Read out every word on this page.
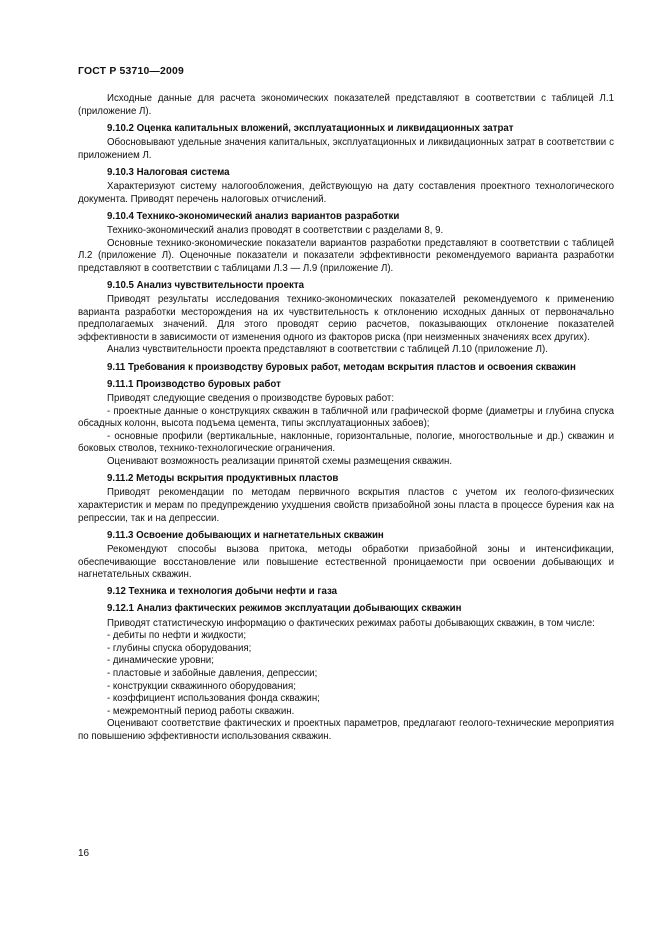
ГОСТ Р 53710—2009

Исходные данные для расчета экономических показателей представляют в соответствии с таблицей Л.1 (приложение Л).

9.10.2 Оценка капитальных вложений, эксплуатационных и ликвидационных затрат

Обосновывают удельные значения капитальных, эксплуатационных и ликвидационных затрат в соответствии с приложением Л.

9.10.3 Налоговая система

Характеризуют систему налогообложения, действующую на дату составления проектного технологического документа. Приводят перечень налоговых отчислений.

9.10.4 Технико-экономический анализ вариантов разработки

Технико-экономический анализ проводят в соответствии с разделами 8, 9.

Основные технико-экономические показатели вариантов разработки представляют в соответствии с таблицей Л.2 (приложение Л). Оценочные показатели и показатели эффективности рекомендуемого варианта разработки представляют в соответствии с таблицами Л.3 — Л.9 (приложение Л).

9.10.5 Анализ чувствительности проекта

Приводят результаты исследования технико-экономических показателей рекомендуемого к применению варианта разработки месторождения на их чувствительность к отклонению исходных данных от первоначально предполагаемых значений. Для этого проводят серию расчетов, показывающих отклонение показателей эффективности в зависимости от изменения одного из факторов риска (при неизменных значениях всех других).

Анализ чувствительности проекта представляют в соответствии с таблицей Л.10 (приложение Л).

9.11 Требования к производству буровых работ, методам вскрытия пластов и освоения скважин

9.11.1 Производство буровых работ

Приводят следующие сведения о производстве буровых работ:

- проектные данные о конструкциях скважин в табличной или графической форме (диаметры и глубина спуска обсадных колонн, высота подъема цемента, типы эксплуатационных забоев);

- основные профили (вертикальные, наклонные, горизонтальные, пологие, многоствольные и др.) скважин и боковых стволов, технико-технологические ограничения.

Оценивают возможность реализации принятой схемы размещения скважин.

9.11.2 Методы вскрытия продуктивных пластов

Приводят рекомендации по методам первичного вскрытия пластов с учетом их геолого-физических характеристик и мерам по предупреждению ухудшения свойств призабойной зоны пласта в процессе бурения как на репрессии, так и на депрессии.

9.11.3 Освоение добывающих и нагнетательных скважин

Рекомендуют способы вызова притока, методы обработки призабойной зоны и интенсификации, обеспечивающие восстановление или повышение естественной проницаемости при освоении добывающих и нагнетательных скважин.

9.12 Техника и технология добычи нефти и газа

9.12.1 Анализ фактических режимов эксплуатации добывающих скважин

Приводят статистическую информацию о фактических режимах работы добывающих скважин, в том числе:

- дебиты по нефти и жидкости;
- глубины спуска оборудования;
- динамические уровни;
- пластовые и забойные давления, депрессии;
- конструкции скважинного оборудования;
- коэффициент использования фонда скважин;
- межремонтный период работы скважин.

Оценивают соответствие фактических и проектных параметров, предлагают геолого-технические мероприятия по повышению эффективности использования скважин.

16
